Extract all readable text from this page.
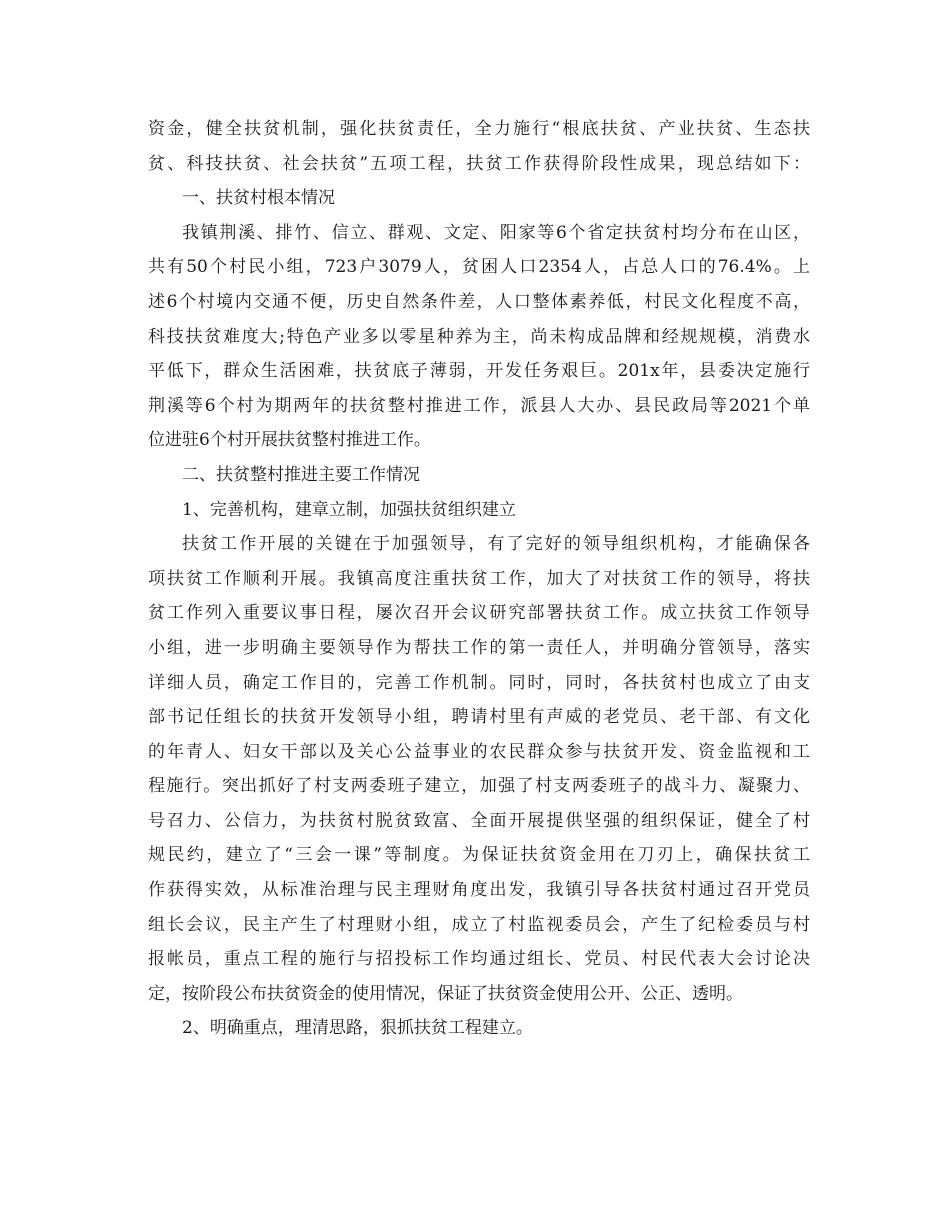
资金，健全扶贫机制，强化扶贫责任，全力施行“根底扶贫、产业扶贫、生态扶
贫、科技扶贫、社会扶贫”五项工程，扶贫工作获得阶段性成果，现总结如下：
一、扶贫村根本情况
我镇荆溪、排竹、信立、群观、文定、阳家等6个省定扶贫村均分布在山区，
共有50个村民小组，723户3079人，贫困人口2354人，占总人口的76.4%。上
述6个村境内交通不便，历史自然条件差，人口整体素养低，村民文化程度不高，
科技扶贫难度大;特色产业多以零星种养为主，尚未构成品牌和经规规模，消费水
平低下，群众生活困难，扶贫底子薄弱，开发任务艰巨。201x年，县委决定施行
荆溪等6个村为期两年的扶贫整村推进工作，派县人大办、县民政局等2021个单
位进驻6个村开展扶贫整村推进工作。
二、扶贫整村推进主要工作情况
1、完善机构，建章立制，加强扶贫组织建立
扶贫工作开展的关键在于加强领导，有了完好的领导组织机构，才能确保各
项扶贫工作顺利开展。我镇高度注重扶贫工作，加大了对扶贫工作的领导，将扶
贫工作列入重要议事日程，屡次召开会议研究部署扶贫工作。成立扶贫工作领导
小组，进一步明确主要领导作为帮扶工作的第一责任人，并明确分管领导，落实
详细人员，确定工作目的，完善工作机制。同时，同时，各扶贫村也成立了由支
部书记任组长的扶贫开发领导小组，聘请村里有声威的老党员、老干部、有文化
的年青人、妇女干部以及关心公益事业的农民群众参与扶贫开发、资金监视和工
程施行。突出抓好了村支两委班子建立，加强了村支两委班子的战斗力、凝聚力、
号召力、公信力，为扶贫村脱贫致富、全面开展提供坚强的组织保证，健全了村
规民约，建立了“三会一课”等制度。为保证扶贫资金用在刀刃上，确保扶贫工
作获得实效，从标准治理与民主理财角度出发，我镇引导各扶贫村通过召开党员
组长会议，民主产生了村理财小组，成立了村监视委员会，产生了纪检委员与村
报帐员，重点工程的施行与招投标工作均通过组长、党员、村民代表大会讨论决
定，按阶段公布扶贫资金的使用情况，保证了扶贫资金使用公开、公正、透明。
2、明确重点，理清思路，狠抓扶贫工程建立。
